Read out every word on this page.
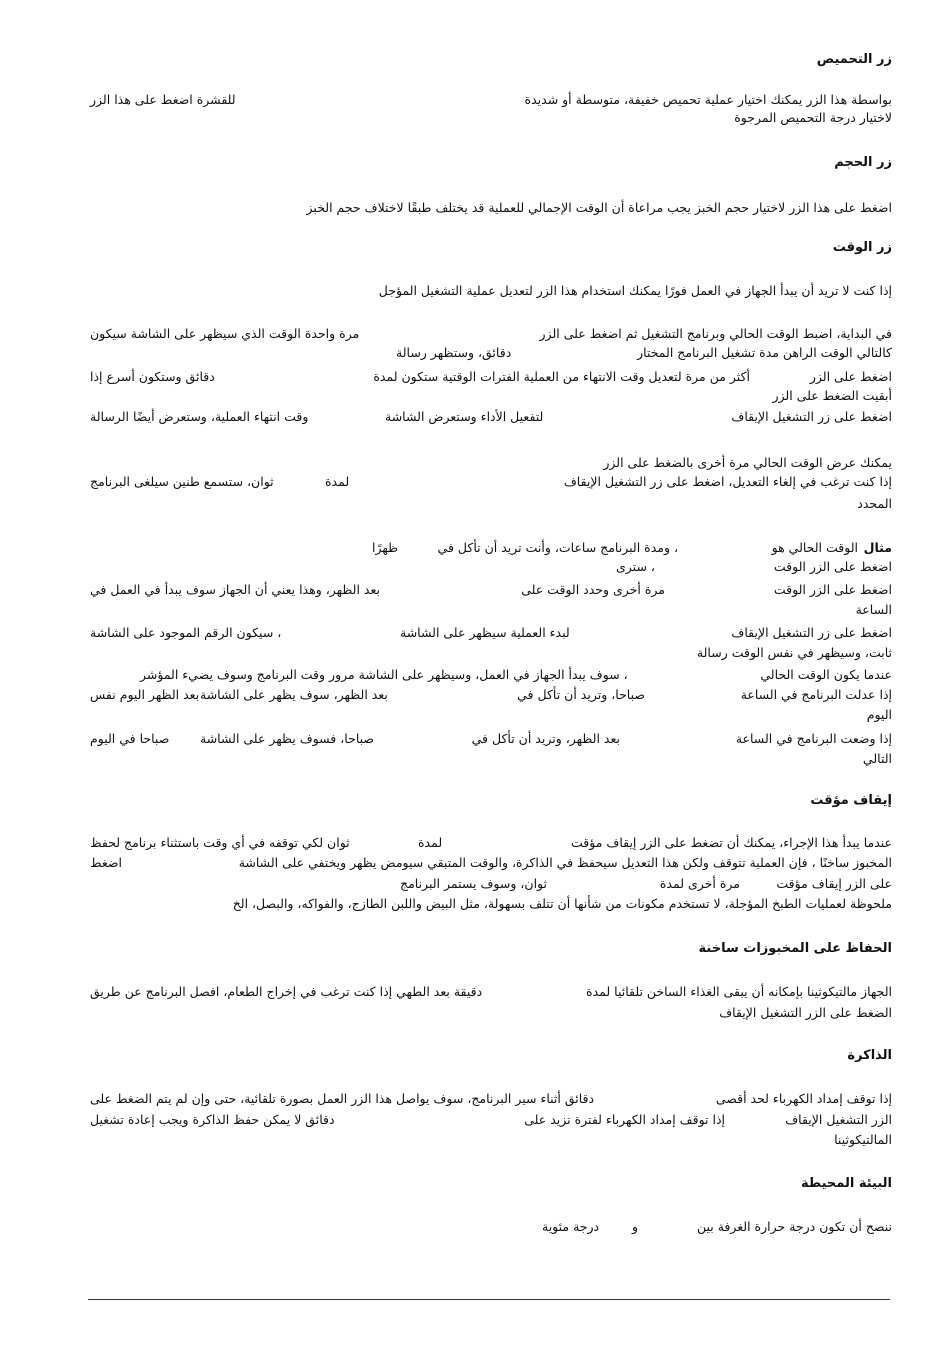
زر التحميص
بواسطة هذا الزر يمكنك اختيار عملية تحميص خفيفة، متوسطة أو شديدة
للقشرة اضغط على هذا الزر
لاختيار درجة التحميص المرجوة
زر الحجم
اضغط على هذا الزر لاختيار حجم الخبز يجب مراعاة أن الوقت الإجمالي للعملية قد يختلف طبقًا لاختلاف حجم الخبز
زر الوقت
إذا كنت لا تريد أن يبدأ الجهاز في العمل فورًا يمكنك استخدام هذا الزر لتعديل عملية التشغيل المؤجل
في البداية، اضبط الوقت الحالي وبرنامج التشغيل ثم اضغط على الزر
مرة واحدة الوقت الذي سيظهر على الشاشة سيكون
كالتالي الوقت الراهن مدة تشغيل البرنامج المختار
دقائق، وستظهر رسالة
اضغط على الزر
أكثر من مرة لتعديل وقت الانتهاء من العملية الفترات الوقتية ستكون لمدة
دقائق وستكون أسرع إذا
أبقيت الضغط على الزر
اضغط على زر التشغيل الإيقاف
لتفعيل الأداء وستعرض الشاشة
وقت انتهاء العملية، وستعرض أيضًا الرسالة
يمكنك عرض الوقت الحالي مرة أخرى بالضغط على الزر
إذا كنت ترغب في إلغاء التعديل، اضغط على زر التشغيل الإيقاف
لمدة
ثوان، ستسمع طنين سيلغى البرنامج
المحدد
مثال
الوقت الحالي هو
، ومدة البرنامج ساعات، وأنت تريد أن تأكل في
ظهرًا
اضغط على الزر الوقت
، سترى
اضغط على الزر الوقت
مرة أخرى وحدد الوقت على
بعد الظهر، وهذا يعني أن الجهاز سوف يبدأ في العمل في
الساعة
اضغط على زر التشغيل الإيقاف
لبدء العملية سيظهر على الشاشة
، سيكون الرقم الموجود على الشاشة
ثابت، وسيظهر في نفس الوقت رسالة
عندما يكون الوقت الحالي
، سوف يبدأ الجهاز في العمل، وسيظهر على الشاشة مرور وقت البرنامج وسوف يضيء المؤشر
إذا عدلت البرنامج في الساعة
صباحا، وتريد أن تأكل في
بعد الظهر، سوف يظهر على الشاشة
بعد الظهر اليوم نفس
اليوم
إذا وضعت البرنامج في الساعة
بعد الظهر، وتريد أن تأكل في
صباحا، فسوف يظهر على الشاشة
صباحا في اليوم
التالي
إيقاف مؤقت
عندما يبدأ هذا الإجراء، يمكنك أن تضغط على الزر إيقاف مؤقت
لمدة
ثوان لكي توقفه في أي وقت باستثناء برنامج لحفظ
المخبوز ساخنًا ، فإن العملية تتوقف ولكن هذا التعديل سيحفظ في الذاكرة، والوقت المتبقي سيومض يظهر ويختفي على الشاشة
اضغط
على الزر إيقاف مؤقت
مرة أخرى لمدة
ثوان، وسوف يستمر البرنامج
ملحوظة لعمليات الطبخ المؤجلة، لا تستخدم مكونات من شأنها أن تتلف بسهولة، مثل البيض واللبن الطازج، والفواكه، والبصل، الخ
الحفاظ على المخبوزات ساخنة
الجهاز مالتيكوثينا بإمكانه أن يبقى الغذاء الساخن تلقائيا لمدة
دقيقة بعد الطهي إذا كنت ترغب في إخراج الطعام، افصل البرنامج عن طريق
الضغط على الزر التشغيل الإيقاف
الذاكرة
إذا توقف إمداد الكهرباء لحد أقصى
دقائق أثناء سير البرنامج، سوف يواصل هذا الزر العمل بصورة تلقائية، حتى وإن لم يتم الضغط على
الزر التشغيل الإيقاف
إذا توقف إمداد الكهرباء لفترة تزيد على
دقائق لا يمكن حفظ الذاكرة ويجب إعادة تشغيل
المالتيكوثينا
البيئة المحيطة
ننصح أن تكون درجة حرارة الغرفة بين
و
درجة مئوية
